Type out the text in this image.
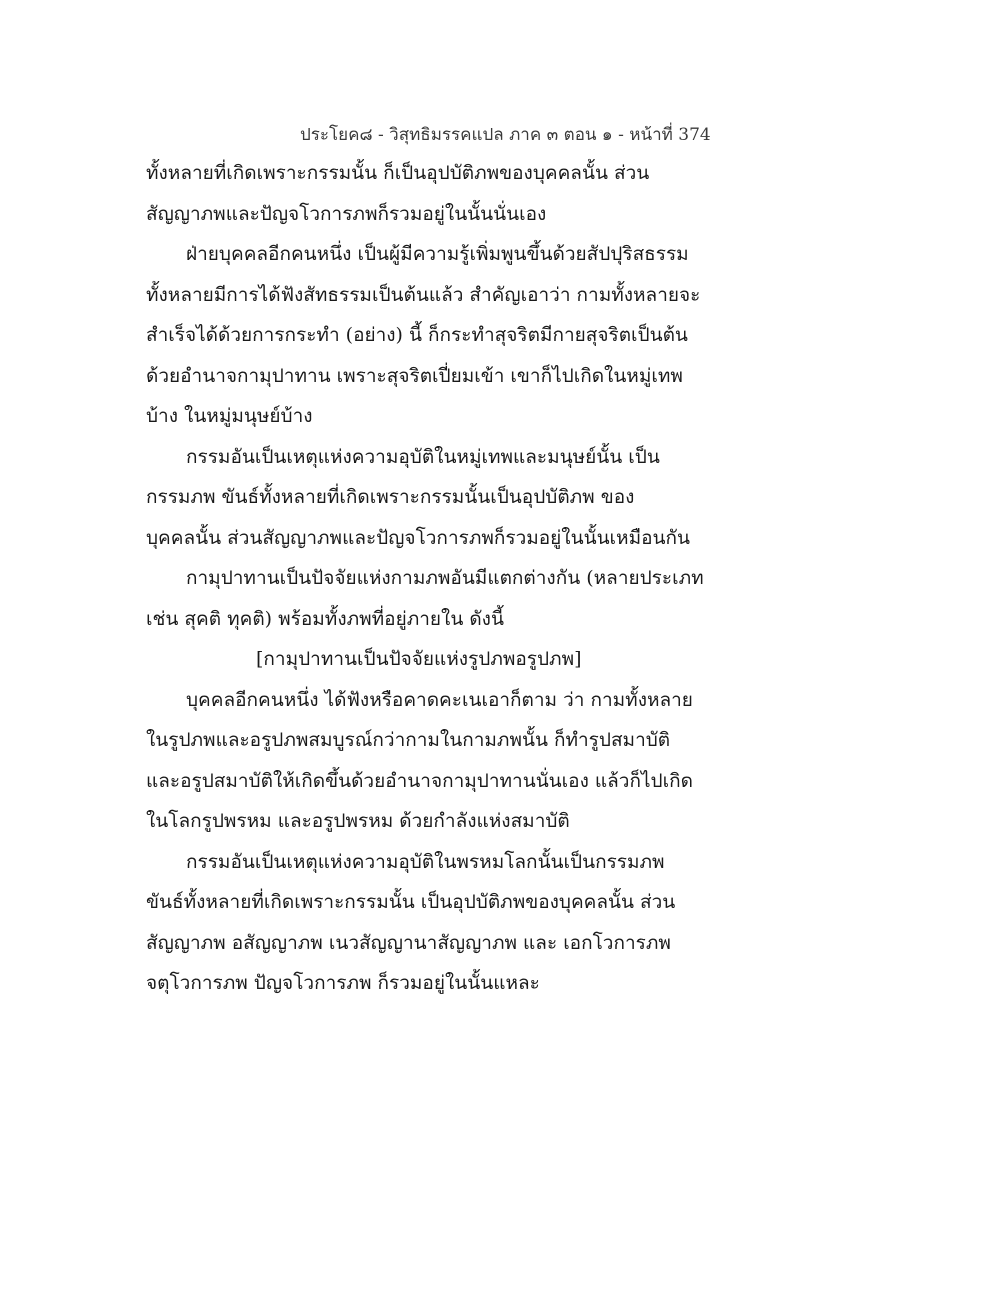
ประโยค๘ - วิสุทธิมรรคแปล ภาค ๓ ตอน ๑ - หน้าที่ 374
ทั้งหลายที่เกิดเพราะกรรมนั้น ก็เป็นอุปบัติภพของบุคคลนั้น ส่วน
สัญญาภพและปัญจโวการภพก็รวมอยู่ในนั้นนั่นเอง
ฝ่ายบุคคลอีกคนหนึ่ง เป็นผู้มีความรู้เพิ่มพูนขึ้นด้วยสัปปุริสธรรม
ทั้งหลายมีการได้ฟังสัทธรรมเป็นต้นแล้ว สำคัญเอาว่า กามทั้งหลายจะ
สำเร็จได้ด้วยการกระทำ (อย่าง) นี้ ก็กระทำสุจริตมีกายสุจริตเป็นต้น
ด้วยอำนาจกามุปาทาน เพราะสุจริตเปี่ยมเข้า เขาก็ไปเกิดในหมู่เทพ
บ้าง ในหมู่มนุษย์บ้าง
กรรมอันเป็นเหตุแห่งความอุบัติในหมู่เทพและมนุษย์นั้น เป็น
กรรมภพ ขันธ์ทั้งหลายที่เกิดเพราะกรรมนั้นเป็นอุปบัติภพ ของ
บุคคลนั้น ส่วนสัญญาภพและปัญจโวการภพก็รวมอยู่ในนั้นเหมือนกัน
กามุปาทานเป็นปัจจัยแห่งกามภพอันมีแตกต่างกัน (หลายประเภท
เช่น สุคติ ทุคติ) พร้อมทั้งภพที่อยู่ภายใน ดังนี้
[กามุปาทานเป็นปัจจัยแห่งรูปภพอรูปภพ]
บุคคลอีกคนหนึ่ง ได้ฟังหรือคาดคะเนเอาก็ตาม ว่า กามทั้งหลาย
ในรูปภพและอรูปภพสมบูรณ์กว่ากามในกามภพนั้น ก็ทำรูปสมาบัติ
และอรูปสมาบัติให้เกิดขึ้นด้วยอำนาจกามุปาทานนั่นเอง แล้วก็ไปเกิด
ในโลกรูปพรหม และอรูปพรหม ด้วยกำลังแห่งสมาบัติ
กรรมอันเป็นเหตุแห่งความอุบัติในพรหมโลกนั้นเป็นกรรมภพ
ขันธ์ทั้งหลายที่เกิดเพราะกรรมนั้น เป็นอุปบัติภพของบุคคลนั้น ส่วน
สัญญาภพ อสัญญาภพ เนวสัญญานาสัญญาภพ และ เอกโวการภพ
จตุโวการภพ ปัญจโวการภพ ก็รวมอยู่ในนั้นแหละ
